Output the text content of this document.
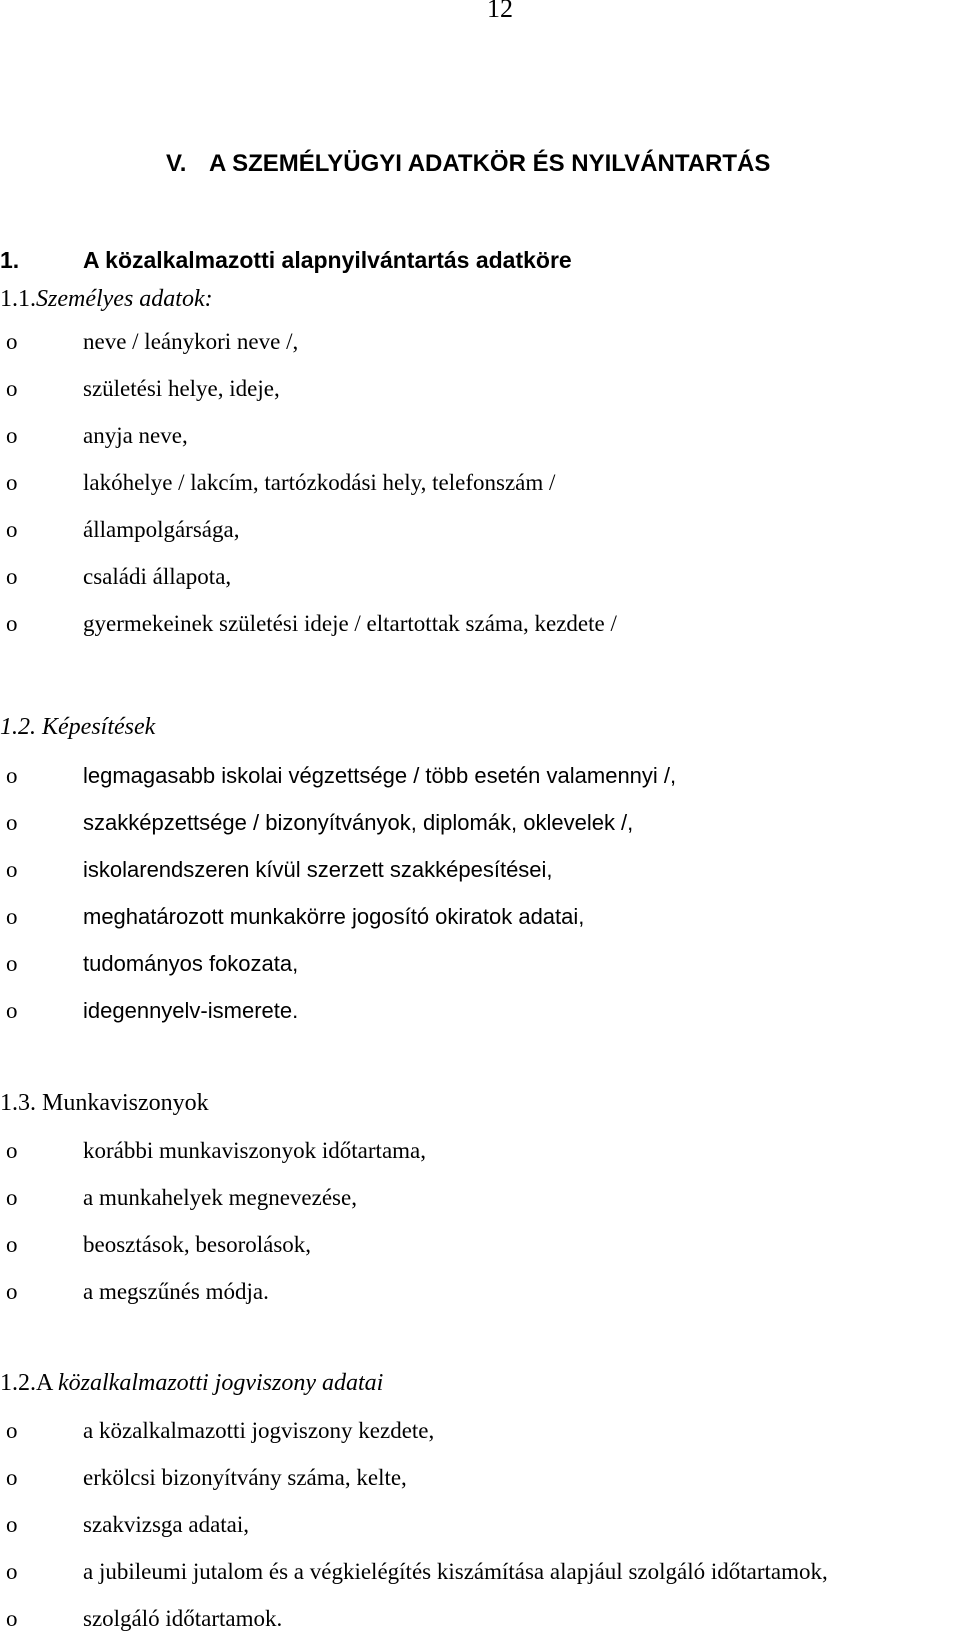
12
V. A SZEMÉLYÜGYI ADATKÖR ÉS NYILVÁNTARTÁS
1.	A közalkalmazotti alapnyilvántartás adatköre
1.1.Személyes adatok:
o	neve / leánykori neve /,
o	születési helye, ideje,
o	anyja neve,
o	lakóhelye / lakcím, tartózkodási hely, telefonszám /
o	állampolgársága,
o	családi állapota,
o	gyermekeinek születési ideje / eltartottak száma, kezdete /
1.2. Képesítések
o	legmagasabb iskolai végzettsége / több esetén valamennyi /,
o	szakképzettsége / bizonyítványok, diplomák, oklevelek /,
o	iskolarendszeren kívül szerzett szakképesítései,
o	meghatározott munkakörre jogosító okiratok adatai,
o	tudományos fokozata,
o	idegennyelv-ismerete.
1.3. Munkaviszonyok
o	korábbi munkaviszonyok időtartama,
o	a munkahelyek megnevezése,
o	beosztások, besorolások,
o	a megszűnés módja.
1.2.A közalkalmazotti jogviszony adatai
o	a közalkalmazotti jogviszony kezdete,
o	erkölcsi bizonyítvány száma, kelte,
o	szakvizsga adatai,
o	a jubileumi jutalom és a végkielégítés kiszámítása alapjául szolgáló időtartamok,
o	szolgáló időtartamok.
